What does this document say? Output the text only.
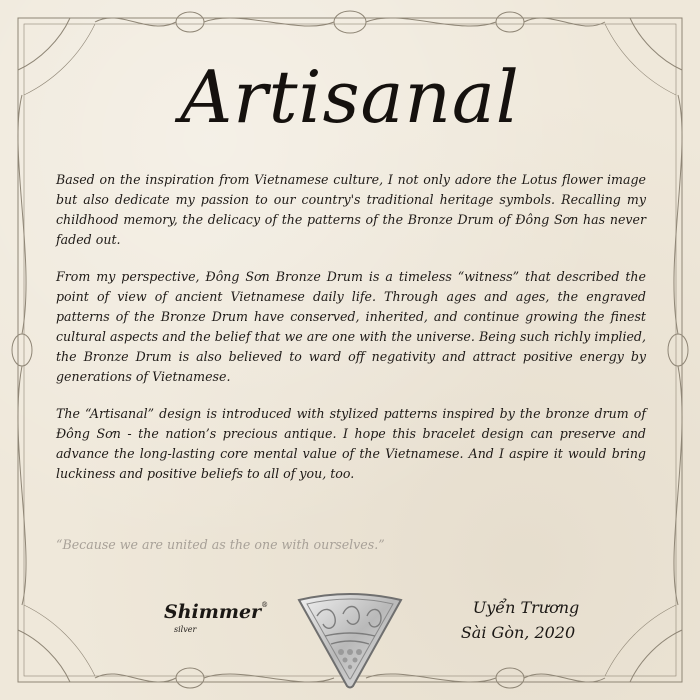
Artisanal

Based on the inspiration from Vietnamese culture, I not only adore the Lotus flower image but also dedicate my passion to our country's traditional heritage symbols. Recalling my childhood memory, the delicacy of the patterns of the Bronze Drum of Đông Sơn has never faded out.

From my perspective, Đông Sơn Bronze Drum is a timeless “witness” that described the point of view of ancient Vietnamese daily life. Through ages and ages, the engraved patterns of the Bronze Drum have conserved, inherited, and continue growing the finest cultural aspects and the belief that we are one with the universe. Being such richly implied, the Bronze Drum is also believed to ward off negativity and attract positive energy by generations of Vietnamese.

The “Artisanal” design is introduced with stylized patterns inspired by the bronze drum of Đông Sơn - the nation’s precious antique. I hope this bracelet design can preserve and advance the long-lasting core mental value of the Vietnamese. And I aspire it would bring luckiness and positive beliefs to all of you, too.

“Because we are united as the one with ourselves.”
Shimmer®
silver
Uyển Trương
Sài Gòn, 2020
